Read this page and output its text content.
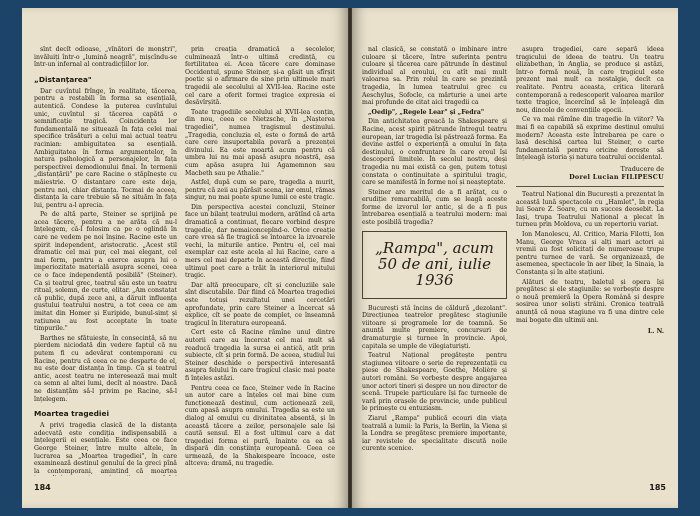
sînt decît odioase, „vînători de monștri", invăluiți într-o „lumină neagră", mișcîndu-se într-un infernal al contradicțiilor lor.

„Distanțarea"

Dar cuvîntul frînge, în realitate, tăcerea, pentru a restabili în forma sa esențială, autentică. Condese la puterea cuvîntului unic, cuvîntul și tăcerea capătă o semnificație tragică. Coincidența lor fundamentală ne situează în fața celei mai specifice trăsături a celui mai actual teatru racinian: ambiguitatea sa esențială. Ambiguitatea în forma argumentelor, în natura psihologică a personajelor, în fața perspectivei demodionului final. În termenii „distanțării" pe care Racine o stăpînește cu măiestrie. O distanțare care este deja, pentru noi, chiar distanța. Tocmai de aceea, distanța la care trebuie să ne situăm în fața lui, pentru a-l aprecia.

Pe de altă parte, Steiner se sprijină pe acea tăcere, pentru a ne arăta că nu-l înțelegem, că-l folosim ca pe o oglindă în care ne vedem pe noi înșine. Racine este un spirit independent, aristocratic. „Acest stil dramatic cel mai pur, cel mai elegant, cel mai ferm, pentru a exerce asupra lui o imperiozitate materială asupra scenei, ceea ce o face independentă posibilă" (Steiner). Ca și teatrul grec, teatrul său este un teatru ritual, solemn, de curte, elitar. „Am constatat că public, după zece ani, a dăruit influența gustului teatrului nostru, a tot ceea ce am imitat din Homer și Euripide, bunul-simț și rațiunea au fost acceptate în toate timpurile."

Barthes ne sfătuiește, în consecință, să nu pierdem niciodată din vedere faptul că nu putem fi cu adevărat contemporani cu Racine, pentru că ceea ce ne desparte de el, nu este doar distanța în timp. Ca și teatrul antic, acest teatru ne interesează mai mult ca semn al altei lumi, decît al noastre. Dacă ne distanțăm să-l privim pe Racine, să-l înțelegem.

Moartea tragediei

A privi tragedia clasică de la distanța adecvată este condiția indispensabilă a înțelegerii ei esențiale. Este ceea ce face George Steiner, între multe altele, în lucrarea sa „Moartea tragediei", în care examinează destinul genului de la greci pînă la contemporani, amintind că moartea

prin creația dramatică a secolelor, culminează într-o ultimă credință, cu fertilitatea ei. Acea tăcere care dominase Occidentul, spune Steiner, și-a găsit un sfîrșit poetic și o afirmare de sine prin ultimele mari tragedii ale secolului al XVII-lea. Racine este cel care a oferit formei tragice expresia ei desăvîrșită.

Toate tragediile secolului al XVII-lea conțin, din nou, ceea ce Nietzsche, în „Nașterea tragediei", numea tragismul destinului. „Tragedia, concluzia el, este o formă de artă care cere insuportabila povară a prezenței divinului. Ea este moartă acum pentru că umbra lui nu mai apasă asupra noastră, așa cum apăsa asupra lui Agamemnon sau Macbeth sau pe Athalie."

Astfel, după cum se pare, tragedia a murit, pentru că zeii au părăsit scena, iar omul, rămas singur, nu mai poate spune lumii ce este tragic.

Din perspectiva acestei concluzii, Steiner face un bilanț teatrului modern, arătînd că arta dramatică a continuat, fiecare vorbind despre tragedie, dar nemaiconcepînd-o. Orice creație care vrea să fie tragică se întoarce la izvoarele vechi, la miturile antice. Pentru el, cel mai exemplar caz este acela al lui Racine, care a mers cel mai departe în această direcție, fiind ultimul poet care a trăit în interiorul mitului tragic.

Dar altă preocupare, cît și concluziile sale sînt discutabile. Dar fiind că Moartea tragediei este totuși rezultatul unei cercetări aprofundate, prin care Steiner a încercat să explice, cît se poate de complet, ce înseamnă tragicul în literatura europeană.

Cert este că Racine rămîne unul dintre autorii care au încercat cel mai mult să readucă tragedia la sursa ei antică, atît prin subiecte, cît și prin formă. De aceea, studiul lui Steiner deschide o perspectivă interesantă asupra felului în care tragicul clasic mai poate fi înțeles astăzi.

Pentru ceea ce face, Steiner vede în Racine un autor care a înțeles cel mai bine cum funcționează destinul, cum acționează zeii, cum apasă asupra omului. Tragedia sa este un dialog al omului cu divinitatea absentă, și în această tăcere a zeilor, personajele sale își caută sensul. El a fost ultimul care a dat tragediei forma ei pură, înainte ca ea să dispară din conștiința europeană. Ceea ce urmează, de la Shakespeare încoace, este altceva: dramă, nu tragedie.

184

nal clasică, se constată o imbinare intre culoare și tăcere, între suferința pentru culoare și tăcerea care pătrunde în destinul individual al eroului, cu atît mai mult valoarea sa. Prin rolul în care se prezintă tragedia, în lumea teatrului grec cu Aeschylus, Sofocle, ca mărturie a unei arte mai profunde de citat aici tragedii ca

„Oedip", „Regele Lear" și „Fedra"

Din antichitatea greacă la Shakespeare și Racine, acest spirit pătrunde întregul teatru european, iar tragedia își păstrează forma. Ea devine astfel o experiență a omului în fața destinului, o confruntare în care eroul își descoperă limitele. În secolul nostru, deși tragedia nu mai există ca gen, putem totuși constata o continuitate a spiritului tragic, care se manifestă în forme noi și neașteptate.

Steiner are meritul de a fi arătat, cu o erudiție remarcabilă, cum se leagă aceste forme de izvorul lor antic, și de a fi pus întrebarea esențială a teatrului modern: mai este posibilă tragedia?

„Rampa", acum 50 de ani, iulie 1936

București stă încins de căldură „dezolant". Direcțiunea teatrelor pregătesc stagiunile viitoare și programele lor de toamnă. Se anunță multe premiere, concursuri de dramaturgie și turnee în provincie. Apoi, capitala se umple de vilegiaturiști.

Teatrul Național pregătește pentru stagiunea viitoare o serie de reprezentații cu piese de Shakespeare, Goethe, Molière și autori români. Se vorbește despre angajarea unor actori tineri și despre un nou director de scenă. Trupele particulare își fac turneele de vară prin orașele de provincie, unde publicul le primește cu entuziasm.

Ziarul „Rampa" publică ecouri din viața teatrală a lumii: la Paris, la Berlin, la Viena și la Londra se pregătesc premiere importante, iar revistele de specialitate discută noile curente scenice.

asupra tragediei, care separă ideea tragicului de ideea de teatru. Un teatru elizabethan, în Anglia, se produce și astăzi, într-o formă nouă, în care tragicul este prezent mai mult ca nostalgie, decît ca realitate. Pentru aceasta, critica literară contemporană a redescoperit valoarea marilor texte tragice, încercînd să le înțeleagă din nou, dincolo de convențiile epocii.

Ce va mai rămîne din tragedie în viitor? Va mai fi ea capabilă să exprime destinul omului modern? Aceasta este întrebarea pe care o lasă deschisă cartea lui Steiner, o carte fundamentală pentru oricine dorește să înțeleagă istoria și natura teatrului occidental.

Traducere de
Dorel Lucian FILIPESCU

Teatrul Național din București a prezentat în această lună spectacole cu „Hamlet", în regia lui Soare Z. Soare, cu un succes deosebit. La Iași, trupa Teatrului Național a plecat în turneu prin Moldova, cu un repertoriu variat.

Ion Manolescu, Al. Critico, Maria Filotti, Ion Manu, George Vraca și alți mari actori ai vremii au fost solicitați de numeroase trupe pentru turnee de vară. Se organizează, de asemenea, spectacole în aer liber, la Sinaia, la Constanța și în alte stațiuni.

Alături de teatru, baletul și opera își pregătesc și ele stagiunile: se vorbește despre o nouă premieră la Opera Română și despre sosirea unor soliști străini. Cronica teatrală anunță că noua stagiune va fi una dintre cele mai bogate din ultimii ani.

L. N.
185
